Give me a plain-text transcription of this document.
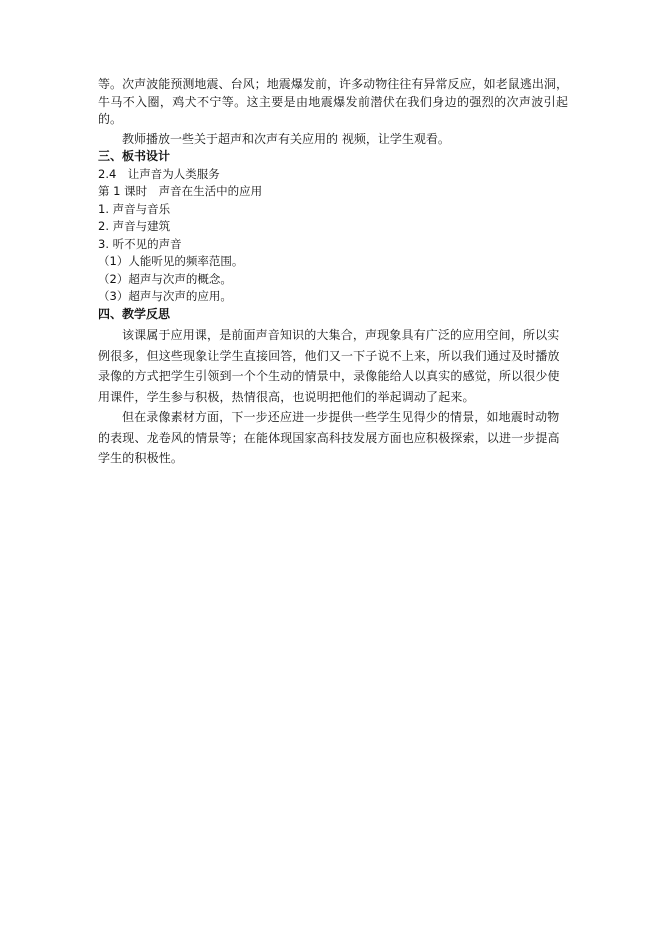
等。次声波能预测地震、台风；地震爆发前，许多动物往往有异常反应，如老鼠逃出洞，牛马不入圈，鸡犬不宁等。这主要是由地震爆发前潜伏在我们身边的强烈的次声波引起的。

教师播放一些关于超声和次声有关应用的 视频，让学生观看。

三、板书设计

2.4　让声音为人类服务

第 1 课时　声音在生活中的应用

1. 声音与音乐

2. 声音与建筑

3. 听不见的声音

（1）人能听见的频率范围。

（2）超声与次声的概念。

（3）超声与次声的应用。

四、教学反思

该课属于应用课，是前面声音知识的大集合，声现象具有广泛的应用空间，所以实例很多，但这些现象让学生直接回答，他们又一下子说不上来，所以我们通过及时播放录像的方式把学生引领到一个个生动的情景中，录像能给人以真实的感觉，所以很少使用课件，学生参与积极，热情很高，也说明把他们的举起调动了起来。

但在录像素材方面，下一步还应进一步提供一些学生见得少的情景，如地震时动物的表现、龙卷风的情景等；在能体现国家高科技发展方面也应积极探索，以进一步提高学生的积极性。
